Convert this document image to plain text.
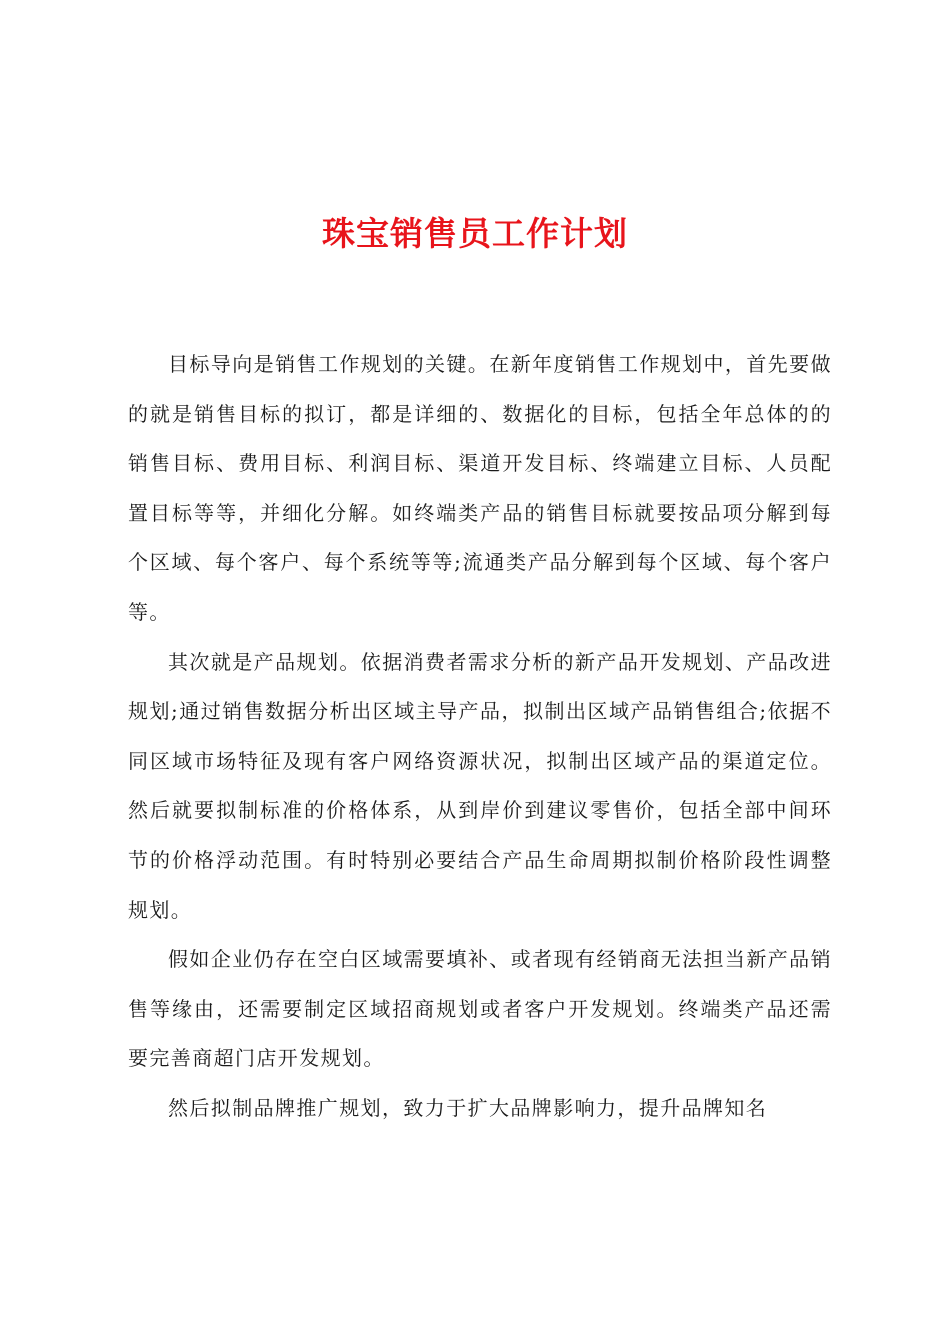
珠宝销售员工作计划

目标导向是销售工作规划的关键。在新年度销售工作规划中，首先要做的就是销售目标的拟订，都是详细的、数据化的目标，包括全年总体的的销售目标、费用目标、利润目标、渠道开发目标、终端建立目标、人员配置目标等等，并细化分解。如终端类产品的销售目标就要按品项分解到每个区域、每个客户、每个系统等等;流通类产品分解到每个区域、每个客户等。

其次就是产品规划。依据消费者需求分析的新产品开发规划、产品改进规划;通过销售数据分析出区域主导产品，拟制出区域产品销售组合;依据不同区域市场特征及现有客户网络资源状况，拟制出区域产品的渠道定位。然后就要拟制标准的价格体系，从到岸价到建议零售价，包括全部中间环节的价格浮动范围。有时特别必要结合产品生命周期拟制价格阶段性调整规划。

假如企业仍存在空白区域需要填补、或者现有经销商无法担当新产品销售等缘由，还需要制定区域招商规划或者客户开发规划。终端类产品还需要完善商超门店开发规划。

然后拟制品牌推广规划，致力于扩大品牌影响力，提升品牌知名
